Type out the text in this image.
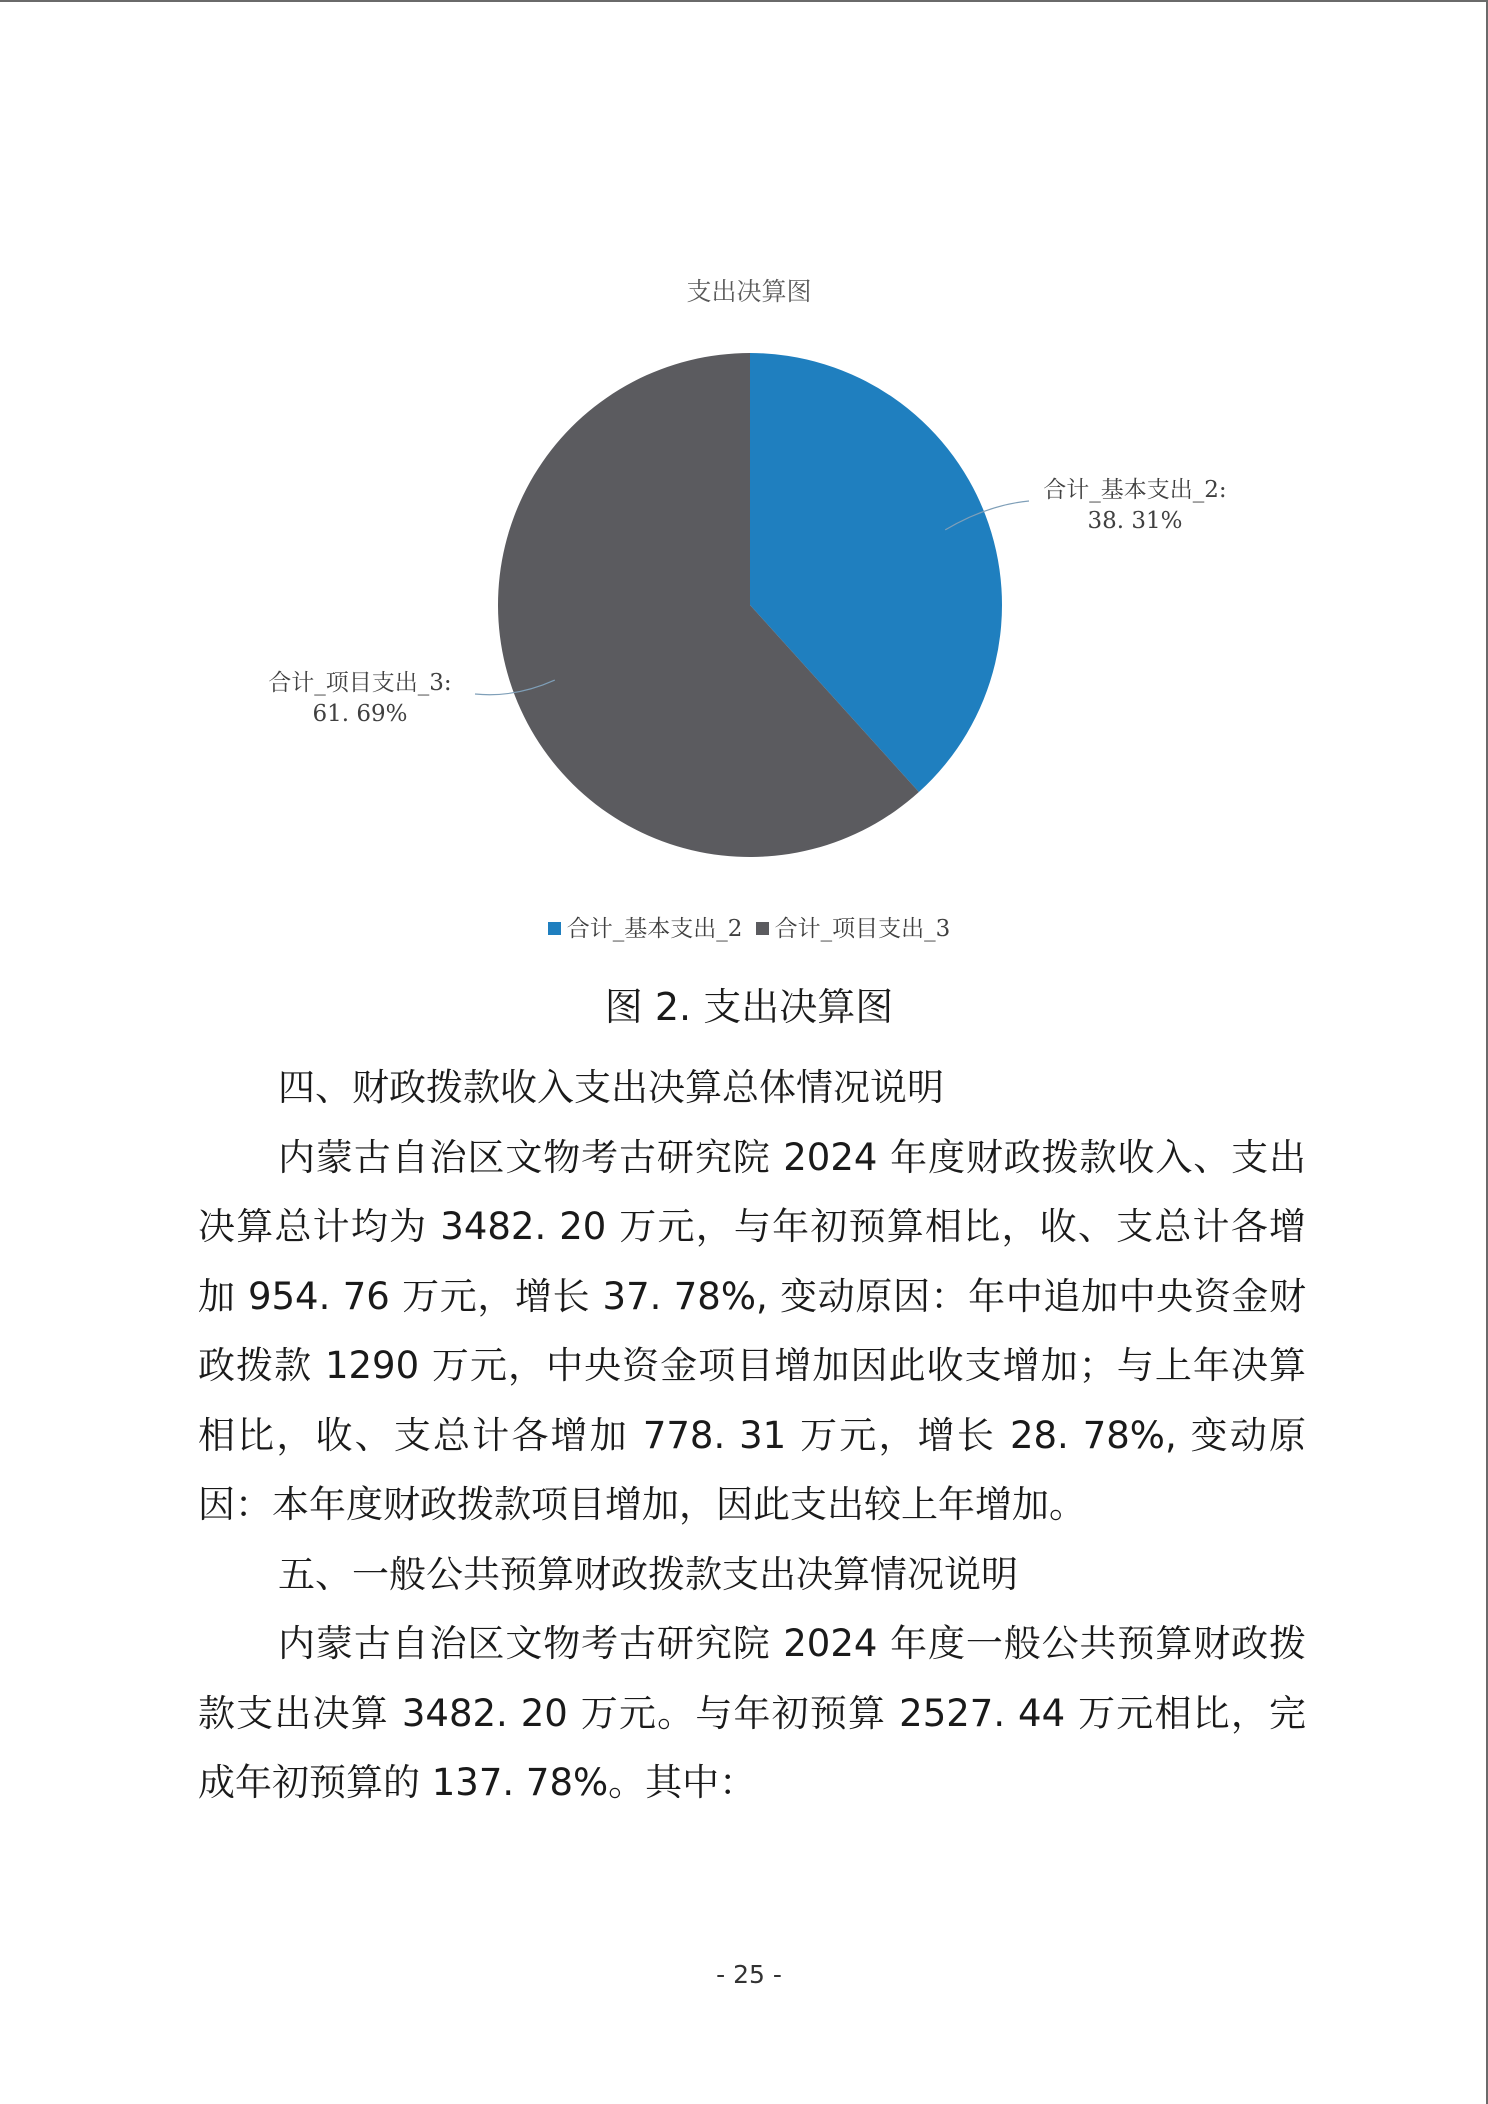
支出决算图
合计_基本支出_2:
38. 31%
合计_项目支出_3:
61. 69%
合计_基本支出_2 合计_项目支出_3
图 2. 支出决算图

四、财政拨款收入支出决算总体情况说明

内蒙古自治区文物考古研究院 2024 年度财政拨款收入、支出决算总计均为 3482. 20 万元，与年初预算相比，收、支总计各增加 954. 76 万元，增长 37. 78%, 变动原因：年中追加中央资金财政拨款 1290 万元，中央资金项目增加因此收支增加；与上年决算相比，收、支总计各增加 778. 31 万元，增长 28. 78%, 变动原因：本年度财政拨款项目增加，因此支出较上年增加。

五、一般公共预算财政拨款支出决算情况说明

内蒙古自治区文物考古研究院 2024 年度一般公共预算财政拨款支出决算 3482. 20 万元。与年初预算 2527. 44 万元相比，完成年初预算的 137. 78%。其中：

- 25 -
